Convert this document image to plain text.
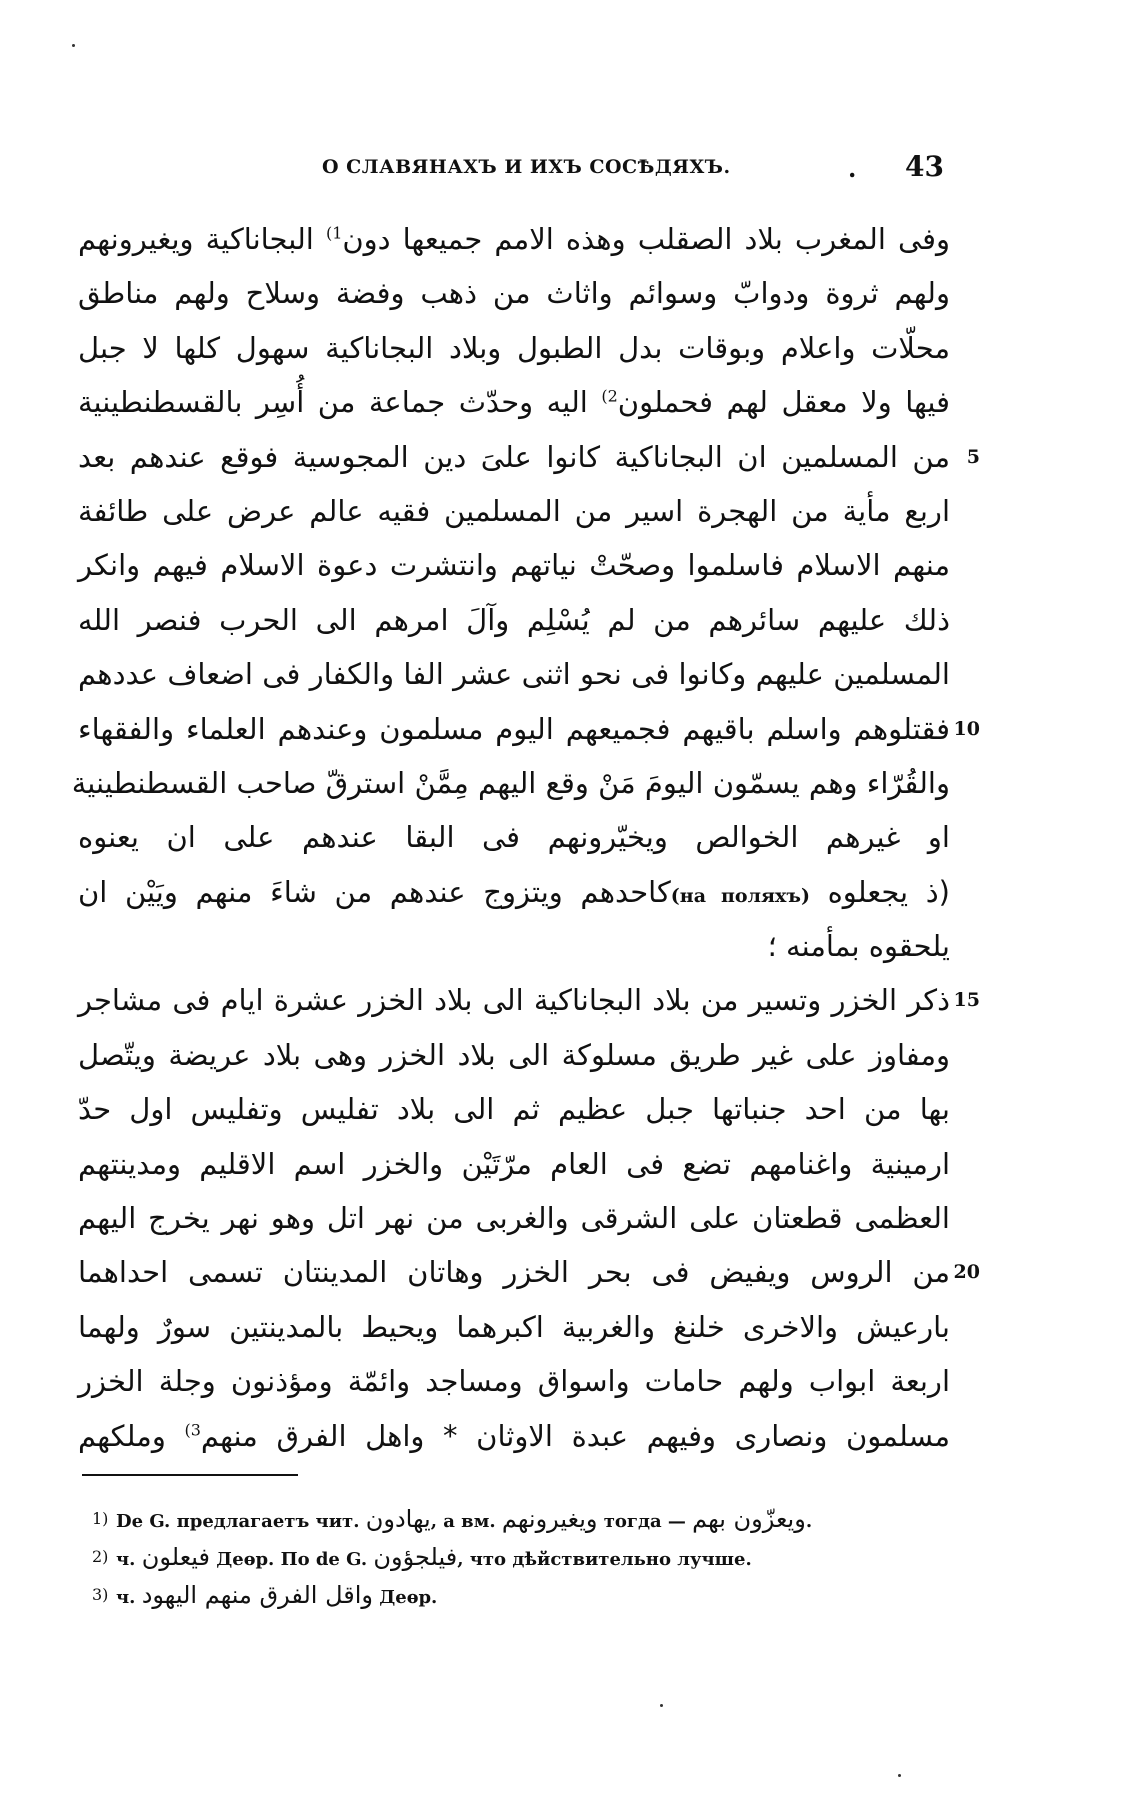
О СЛАВЯНАХЪ И ИХЪ СОСѢДЯХЪ.	. 43
وفى المغرب بلاد الصقلب وهذه الامم جميعها دون$^{1)}$ البجاناكية ويغيرونهم
ولهم ثروة ودوابّ وسوائم واثاث من ذهب وفضة وسلاح ولهم مناطق
محلّات واعلام وبوقات بدل الطبول وبلاد البجاناكية سهول كلها لا جبل
فيها ولا معقل لهم فحملون$^{2)}$ اليه وحدّث جماعة من أُسِر بالقسطنطينية
من المسلمين ان البجاناكية كانوا علىَ دين المجوسية فوقع عندهم بعد 5
اربع مأية من الهجرة اسير من المسلمين فقيه عالم عرض على طائفة
منهم الاسلام فاسلموا وصحّتْ نياتهم وانتشرت دعوة الاسلام فيهم وانكر
ذلك عليهم سائرهم من لم يُسْلِم وآلَ امرهم الى الحرب فنصر الله
المسلمين عليهم وكانوا فى نحو اثنى عشر الفا والكفار فى اضعاف عددهم
فقتلوهم واسلم باقيهم فجميعهم اليوم مسلمون وعندهم العلماء والفقهاء 10
والقُرّاء وهم يسمّون اليومَ مَنْ وقع اليهم مِمَّنْ استرقّ صاحب القسطنطينية
او غيرهم الخوالص ويخيّرونهم فى البقا عندهم على ان يعنوه
(ذ يجعلوه (на поляхъ)كاحدهم ويتزوج عندهم من شاءَ منهم ويَيْن ان
يلحقوه بمأمنه ؛
ذكر الخزر وتسير من بلاد البجاناكية الى بلاد الخزر عشرة ايام فى مشاجر 15
ومفاوز على غير طريق مسلوكة الى بلاد الخزر وهى بلاد عريضة ويتّصل
بها من احد جنباتها جبل عظيم ثم الى بلاد تفليس وتفليس اول حدّ
ارمينية واغنامهم تضع فى العام مرّتَيْن والخزر اسم الاقليم ومدينتهم
العظمى قطعتان على الشرقى والغربى من نهر اتل وهو نهر يخرج اليهم
من الروس ويفيض فى بحر الخزر وهاتان المدينتان تسمى احداهما 20
بارعيش والاخرى خلنغ والغربية اكبرهما ويحيط بالمدينتين سورٌ ولهما
اربعة ابواب ولهم حامات واسواق ومساجد وائمّة ومؤذنون وجلة الخزر
مسلمون ونصارى وفيهم عبدة الاوثان * واهل الفرق منهم$^{3)}$ وملكهم
1) De G. предлагаетъ чит. يهادون, а вм. ويغيرونهم тогда — ويعزّون بهم.
2) ч. فيعلون Деѳр. По de G. فيلجؤون, что дѣйствительно лучше.
3) ч. واقل الفرق منهم اليهود Деѳр.
